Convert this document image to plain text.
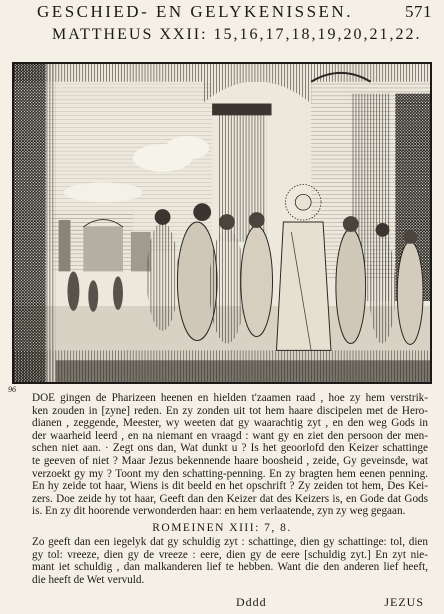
GESCHIED- EN GELYKENISSEN.	571
MATTHEUS XXII: 15,16,17,18,19,20,21,22.
96
DOE gingen de Pharizeen heenen en hielden t'zaamen raad , hoe zy hem verstrik-
ken zouden in [zyne] reden. En zy zonden uit tot hem haare discipelen met de Hero-
dianen , zeggende, Meester, wy weeten dat gy waarachtig zyt , en den weg Gods in
der waarheid leerd , en na niemant en vraagd : want gy en ziet den persoon der men-
schen niet aan. · Zegt ons dan, Wat dunkt u ? Is het geoorlofd den Keizer schattinge
te geeven of niet ? Maar Jezus bekennende haare boosheid , zeide, Gy geveinsde, wat
verzoekt gy my ? Toont my den schatting-penning. En zy bragten hem eenen penning.
En hy zeide tot haar, Wiens is dit beeld en het opschrift ? Zy zeiden tot hem, Des Kei-
zers. Doe zeide hy tot haar, Geeft dan den Keizer dat des Keizers is, en Gode dat Gods
is. En zy dit hoorende verwonderden haar: en hem verlaatende, zyn zy weg gegaan.
ROMEINEN XIII: 7, 8.
Zo geeft dan een iegelyk dat gy schuldig zyt : schattinge, dien gy schattinge: tol, dien
gy tol: vreeze, dien gy de vreeze : eere, dien gy de eere [schuldig zyt.] En zyt nie-
mant iet schuldig , dan malkanderen lief te hebben. Want die den anderen lief heeft,
die heeft de Wet vervuld.
Dddd	JEZUS
